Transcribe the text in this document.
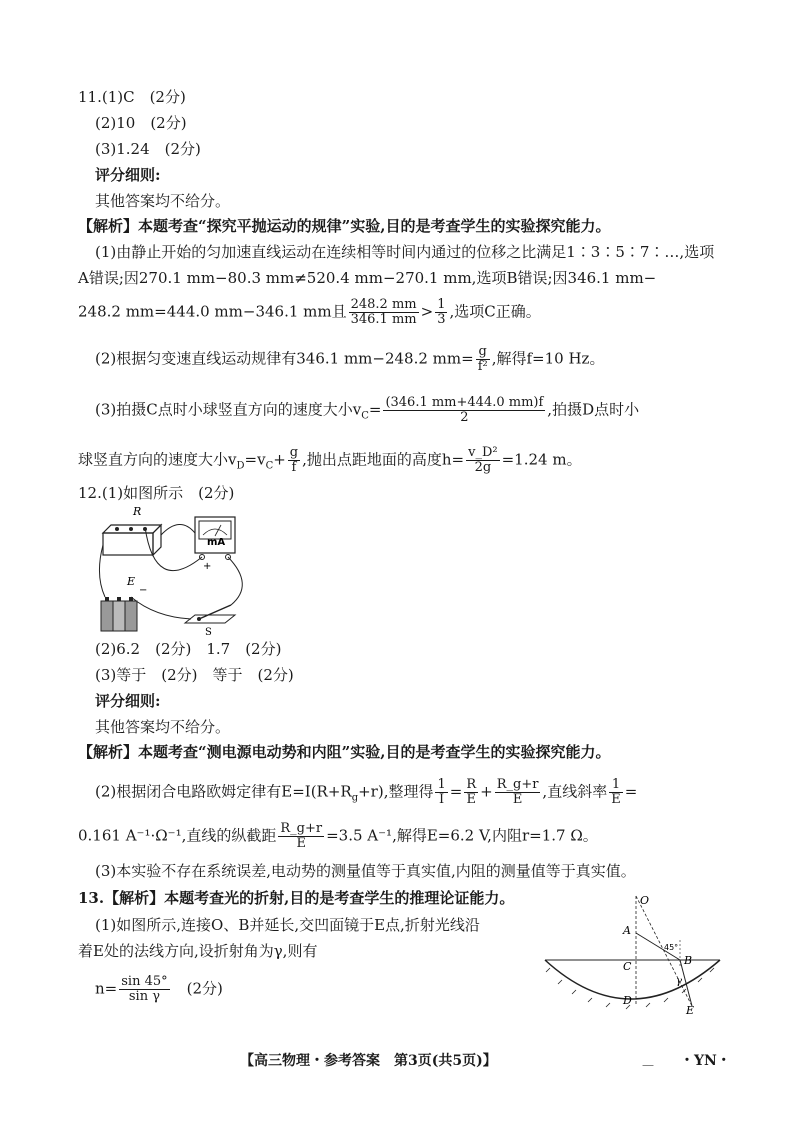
11.(1)C　(2分)
(2)10　(2分)
(3)1.24　(2分)
评分细则:
其他答案均不给分。
【解析】本题考查“探究平抛运动的规律”实验,目的是考查学生的实验探究能力。
(1)由静止开始的匀加速直线运动在连续相等时间内通过的位移之比满足1∶3∶5∶7∶…,选项
A错误;因270.1 mm−80.3 mm≠520.4 mm−270.1 mm,选项B错误;因346.1 mm−
248.2 mm=444.0 mm−346.1 mm且 $\frac{248.2 mm}{346.1 mm} > \frac{1}{3}$ ,选项C正确。
(2)根据匀变速直线运动规律有346.1 mm−248.2 $mm= \frac{g}{\text{f²}}$ ,解得f=10 Hz。
(3)拍摄C点时小球竖直方向的速度大小$v_C= \frac{(346.1 mm+444.0 mm)f}{2}$ ,拍摄D点时小
球竖直方向的速度大小$v_D=v_C+ \frac{g}{f}$ ,抛出点距地面的高度$h= \frac{\text{v\_D²}}{2g} =1.24$ m。
12.(1)如图所示　(2分)
R
mA
E
−
+
S
(2)6.2　(2分)　1.7　(2分)
(3)等于　(2分)　等于　(2分)
评分细则:
其他答案均不给分。
【解析】本题考查“测电源电动势和内阻”实验,目的是考查学生的实验探究能力。
(2)根据闭合电路欧姆定律有$E=I(R+R_g+r)$,整理得 $\frac{1}{I} = \frac{R}{E} + \frac{R\_g+r}{E}$ ,直线斜率 $\frac{1}{E}$ =
0.161 A⁻¹·Ω⁻¹,直线的纵截距 $\frac{R\_g+r}{E} =3.5$ A⁻¹,解得E=6.2 V,内阻r=1.7 Ω。
(3)本实验不存在系统误差,电动势的测量值等于真实值,内阻的测量值等于真实值。
13.【解析】本题考查光的折射,目的是考查学生的推理论证能力。
(1)如图所示,连接O、B并延长,交凹面镜于E点,折射光线沿
着E处的法线方向,设折射角为γ,则有
$n= \frac{\sin 45^\circ}{\text{sin γ}}$ 　(2分)
O
A
C	B
D
E
45°
γ
【高三物理・参考答案　第3页(共5页)】	— ・YN・
